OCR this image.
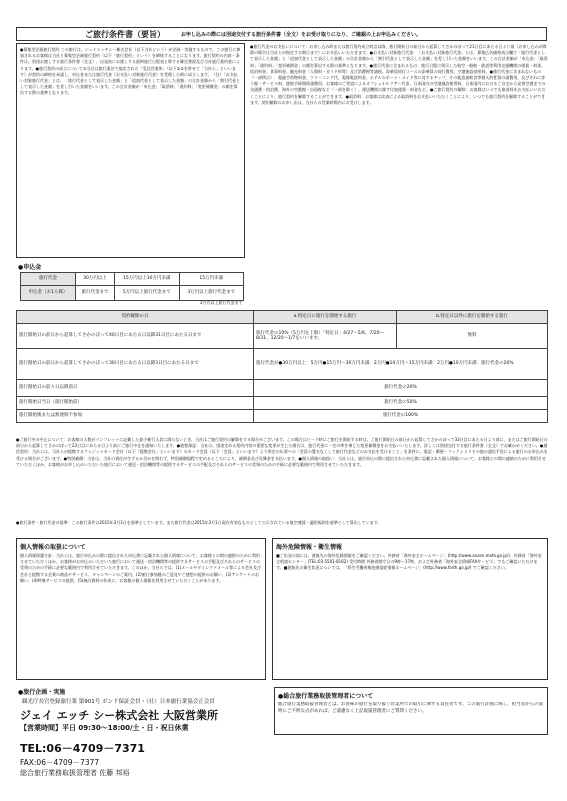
ご旅行条件書（要旨）	お申し込みの際には別途交付する旅行条件書（全文）をお受け取りになり、ご確認の上お申込みください。
●募集型企画旅行契約 この旅行は、ジェイエッチシー株式会社（以下当社という）が企画・実施するもので、この旅行に参加されるお客様は当社と募集型企画旅行契約（以下「旅行契約」という）を締結することになります。旅行契約の内容・条件は、別途お渡しする旅行条件書（全文）、出発前にお渡しする最終旅行日程表と称する確定書面及び当社旅行業約款によります。●旅行契約の成立について①当社は旅行業法で規定された「受託営業所」（以下①②を併せて「当社ら」といいます）が契約の締結を承諾し、申込金または旅行代金（お支払い対象旅行代金）を受理した時に成立します。（注）「お支払い対象旅行代金」とは、「旅行代金として表示した金額」と「追加代金として表示した金額」の合計金額から「割引代金として表示した金額」を差し引いた金額をいいます。この合計金額が「申込金」「取消料」「違約料」「変更補償金」の額を算出する際の基準となります。
●旅行代金のお支払いについて：お申し込み時または旅行契約成立時点以降、旅行開始日の前日から起算してさかのぼって21日目にあたる日より前（お申し込みが間際の場合は当社らが指定する期日まで）にお支払いいただきます。●お支払い対象旅行代金：「お支払い対象旅行代金」とは、募集広告価格表示欄で「旅行代金として表示した金額」と「追加代金として表示した金額」の合計金額から「割引代金として表示した金額」を差し引いた金額をいいます。この合計金額が「申込金」「取消料」「違約料」「変更補償金」の額を算出する際の基準となります。●旅行代金に含まれるもの：旅行日程に明示した航空・船舶・鉄道等利用交通機関の運賃・料金、宿泊料金、食事料金、観光料金（入場料・ガイド料等）及び消費税等諸税。添乗員同行コースの添乗員の同行費用、空港施設使用料。●旅行代金に含まれないもの（一部例示）：超過手荷物料金、クリーニング代、電報電話料金、ホテルのボーイ・メイド等に対するチップ、その他追加飲食等個人的性質の諸費用、及びそれに伴う税・サービス料、渡航手続関係諸費用、お客様のご希望によるオプショナルツアー代金、日本国内の空港施設使用料、日本国内におけるご自宅から発着空港までの交通費・宿泊費、海外の空港税・出国税など（一部を除く）、運送機関の課す付加運賃・料金など。●ご旅行契約の解除：お客様はいつでも取消料をお支払いいただくことにより、旅行契約を解除することができます。●取消料：お客様は次表による取消料をお支払いいただくことにより、いつでも旅行契約を解除することができます。契約解除のお申し出は、当社らの営業時間内にお受けします。
●申込金
旅行代金	30万円以上	15万円以上30万円未満	15万円未満
申込金（お1人様）	旅行代金まで	5万円以上旅行代金まで	3万円以上旅行代金まで
2万円以上旅行代金まで
契約解除の日	a.特定日に旅行を開始する旅行	b.特定日以外に旅行を開始する旅行
旅行開始日の前日から起算してさかのぼって40日目にあたる日以降31日目にあたる日まで	旅行代金の10%（5万円を上限）「特定日」4/27〜5/6、7/20〜8/31、12/20〜1/7をいいます。	無料
旅行開始日の前日から起算してさかのぼって30日目にあたる日以降3日目にあたる日まで	旅行代金が●30万円以上：5万円●15万円〜30万円未満：2万円●10万円〜15万円未満：2万円●10万円未満：旅行代金の20%	
旅行開始日の前々日以降前日	旅行代金の20%	
旅行開始日当日（旅行開始前）	旅行代金の50%	
旅行開始後または無連絡不参加	旅行代金の100%	
●ご旅行中の中止について：お客様の人数がパンフレットに記載した最少催行人員に満たないとき、当社はご旅行契約の解除をする場合がございます。この場合はピーク時にご旅行を開始する時は、ご旅行開始日の前日から起算してさかのぼって33日目にあたる日より前に、またはご旅行開始日の前日から起算してさかのぼって23日目にあたる日より前にご旅行中止を通知いたします。●旅程保証：当社は、別途定める契約内容の重要な変更が生じた場合は、旅行代金に一定の率を乗じた変更補償金をお支払いいたします。詳しくは別途交付する旅行条件書（全文）でお確かめください。●通信契約：当社らは、当社らが提携するクレジットカード会社（以下「提携会社」といいます）のカード会員（以下「会員」といいます）より所定の伝票への「会員の署名なくして旅行代金などのお支払を受けること」を条件に、電話・郵便・ファクシミリその他の通信手段による旅行のお申込みを受ける場合がございます。●特別補償：当社は、当社の責任が生ずるか否かを問わず、特別補償規程で定めるところにより、補償金及び見舞金を支払います。●個人情報の取扱い：当社らは、旅行申込の際に提出された申込書に記載された個人情報について、お客様との間の連絡のために利用させていただくほか、お客様がお申し込みいただいた旅行において運送・宿泊機関等の提供するサービスの手配及びそれらのサービスの受領のための手続に必要な範囲内で利用させていただきます。
●旅行条件・旅行代金の基準：この旅行条件は2015年3月1日を基準としています。また旅行代金は2015年3月1日現在有効なものとして公示されている航空運賃・適用規則を基準として算出しています。
個人情報の取扱について
個人情報保護方針：当社らは、旅行申込みの際に提出された申込書に記載された個人情報について、お客様との間の連絡のために利用させていただくほか、お客様がお申込みいただいた旅行において運送・宿泊機関等の提供するサービスの手配及びそれらのサービスの受領のための手続に必要な範囲内で利用させていただきます。このほか、当社らでは、(1)メールやダイレクトメール等による会社及び会社と提携する企業の商品やサービス、キャンペーンのご案内、(2)旅行参加後のご意見やご感想の提供のお願い、(3)アンケートのお願い、(4)特典サービスの提供、(5)統計資料の作成に、お客様の個人情報を利用させていただくことがあります。
海外危険情報・衛生情報
■ご出発の前には、渡航先の海外危険情報をご確認ください。外務省「海外安全ホームページ」(http://www.anzen.mofa.go.jp/)、外務省「海外安全相談センター」(TEL:03-5501-8162) 受付時間 外務省開庁日の9時〜17時、および外務省「海外安全情報FAXサービス」でもご確認いただけます。■渡航先の衛生状況については、「厚生労働省検疫感染症情報ホームページ」(http://www.forth.go.jp/) でご確認ください。
●旅行企画・実施
観光庁長官登録旅行業 第901号 ボンド保証会員・（社）日本旅行業協会正会員
ジェイ エッチ シー株式会社 大阪営業所
【営業時間】平日 09:30～18:00/土・日・祝日休業
TEL:06－4709－7371
FAX:06－4709－7377
総合旅行業務取扱管理者 佐藤 邦裕
●総合旅行業務取扱管理者について
総合旅行業務取扱管理者とは、お客様の旅行を取り扱う営業所での取引に関する責任者です。この旅行計画に関し、担当者からの説明にご不明な点があれば、ご遠慮なく上記取扱管理者にご質問ください。
